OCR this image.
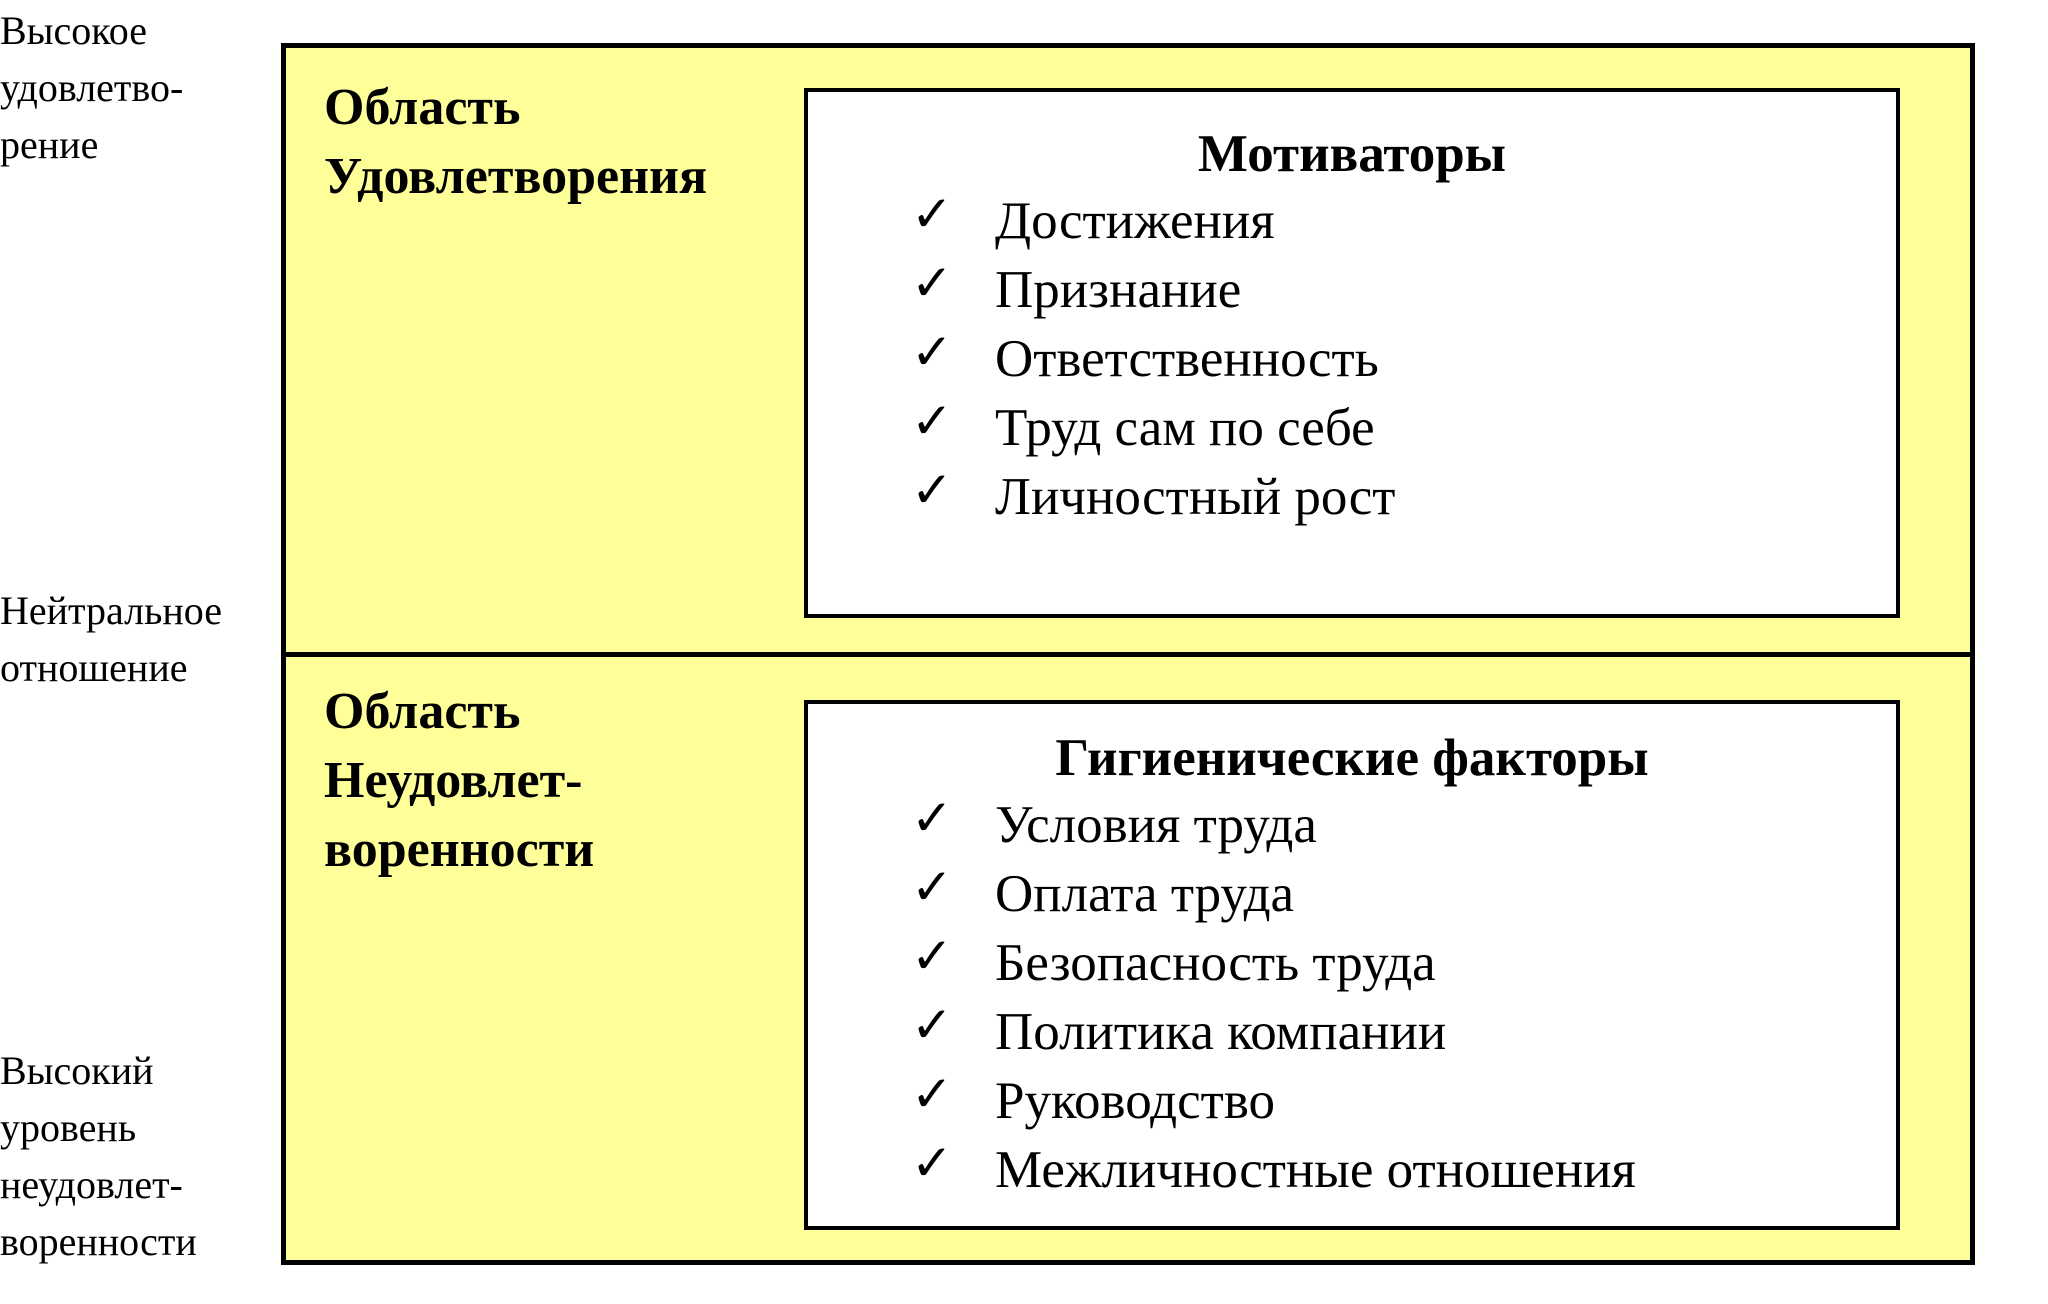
Высокое
удовлетво-
рение
Нейтральное
отношение
Высокий
уровень
неудовлет-
воренности
Область
Удовлетворения	Мотиваторы
✓ Достижения
✓ Признание
✓ Ответственность
✓ Труд сам по себе
✓ Личностный рост
Область
Неудовлет-
воренности
Гигиенические факторы
✓ Условия труда
✓ Оплата труда
✓ Безопасность труда
✓ Политика компании
✓ Руководство
✓ Межличностные отношения
